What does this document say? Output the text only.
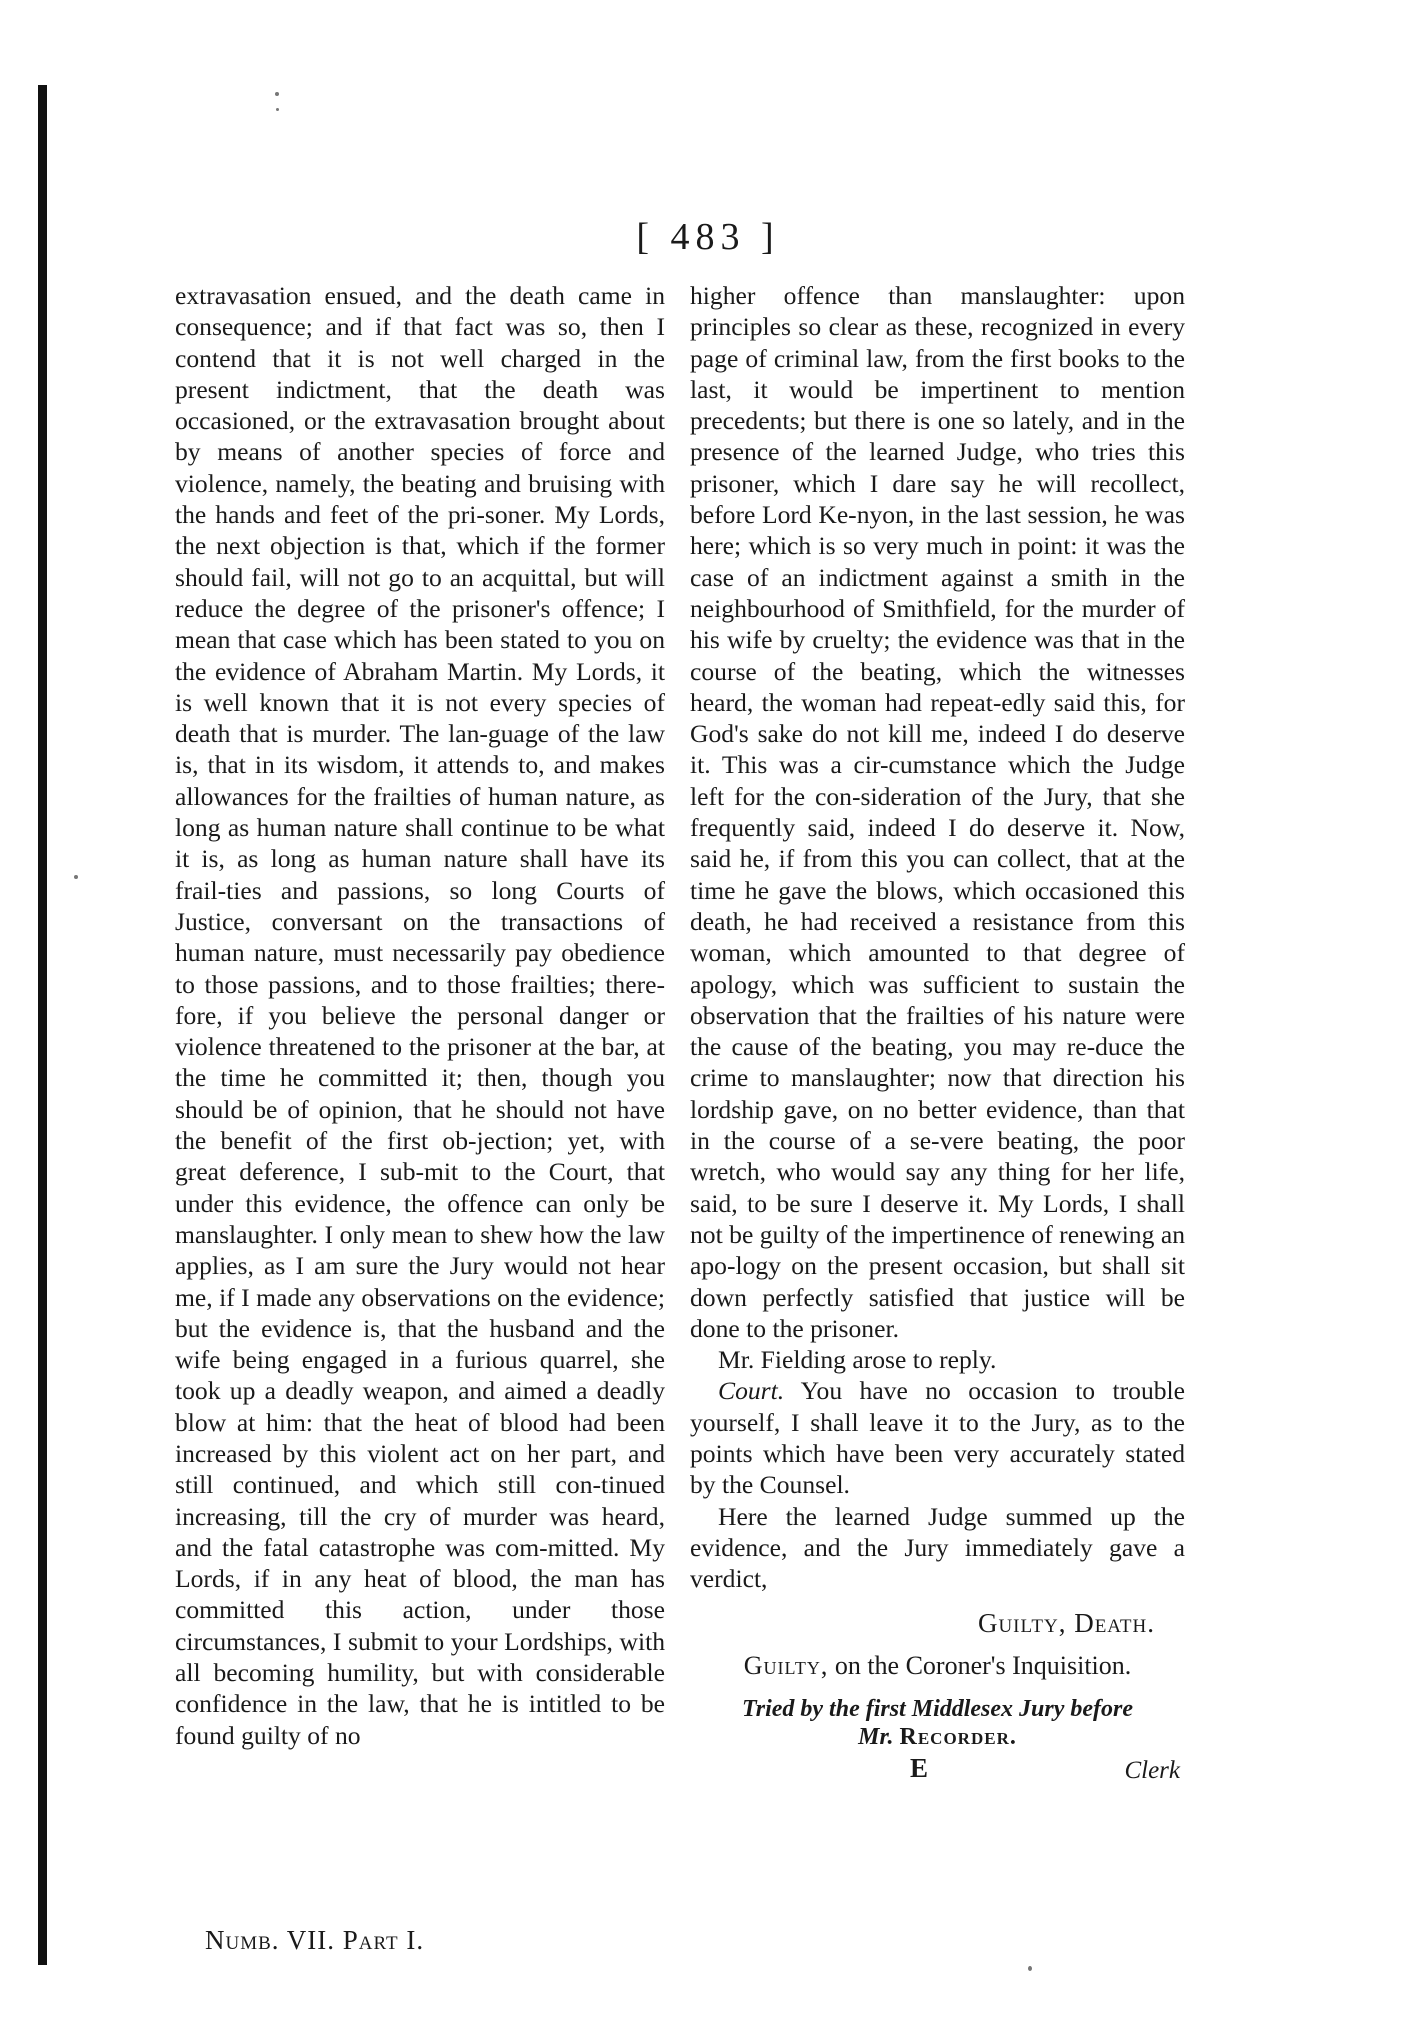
[ 483 ]

extravasation ensued, and the death came in consequence; and if that fact was so, then I contend that it is not well charged in the present indictment, that the death was occasioned, or the extravasation brought about by means of another species of force and violence, namely, the beating and bruising with the hands and feet of the pri-soner. My Lords, the next objection is that, which if the former should fail, will not go to an acquittal, but will reduce the degree of the prisoner's offence; I mean that case which has been stated to you on the evidence of Abraham Martin. My Lords, it is well known that it is not every species of death that is murder. The lan-guage of the law is, that in its wisdom, it attends to, and makes allowances for the frailties of human nature, as long as human nature shall continue to be what it is, as long as human nature shall have its frail-ties and passions, so long Courts of Justice, conversant on the transactions of human nature, must necessarily pay obedience to those passions, and to those frailties; there-fore, if you believe the personal danger or violence threatened to the prisoner at the bar, at the time he committed it; then, though you should be of opinion, that he should not have the benefit of the first ob-jection; yet, with great deference, I sub-mit to the Court, that under this evidence, the offence can only be manslaughter. I only mean to shew how the law applies, as I am sure the Jury would not hear me, if I made any observations on the evidence; but the evidence is, that the husband and the wife being engaged in a furious quarrel, she took up a deadly weapon, and aimed a deadly blow at him: that the heat of blood had been increased by this violent act on her part, and still continued, and which still con-tinued increasing, till the cry of murder was heard, and the fatal catastrophe was com-mitted. My Lords, if in any heat of blood, the man has committed this action, under those circumstances, I submit to your Lordships, with all becoming humility, but with considerable confidence in the law, that he is intitled to be found guilty of no

higher offence than manslaughter: upon principles so clear as these, recognized in every page of criminal law, from the first books to the last, it would be impertinent to mention precedents; but there is one so lately, and in the presence of the learned Judge, who tries this prisoner, which I dare say he will recollect, before Lord Ke-nyon, in the last session, he was here; which is so very much in point: it was the case of an indictment against a smith in the neighbourhood of Smithfield, for the murder of his wife by cruelty; the evidence was that in the course of the beating, which the witnesses heard, the woman had repeat-edly said this, for God's sake do not kill me, indeed I do deserve it. This was a cir-cumstance which the Judge left for the con-sideration of the Jury, that she frequently said, indeed I do deserve it. Now, said he, if from this you can collect, that at the time he gave the blows, which occasioned this death, he had received a resistance from this woman, which amounted to that degree of apology, which was sufficient to sustain the observation that the frailties of his nature were the cause of the beating, you may re-duce the crime to manslaughter; now that direction his lordship gave, on no better evidence, than that in the course of a se-vere beating, the poor wretch, who would say any thing for her life, said, to be sure I deserve it. My Lords, I shall not be guilty of the impertinence of renewing an apo-logy on the present occasion, but shall sit down perfectly satisfied that justice will be done to the prisoner.

Mr. Fielding arose to reply.

Court. You have no occasion to trouble yourself, I shall leave it to the Jury, as to the points which have been very accurately stated by the Counsel.

Here the learned Judge summed up the evidence, and the Jury immediately gave a verdict,

Guilty, Death.
Guilty, on the Coroner's Inquisition.
Tried by the first Middlesex Jury before
Mr. Recorder.
E	Clerk
Numb. VII. Part I.
